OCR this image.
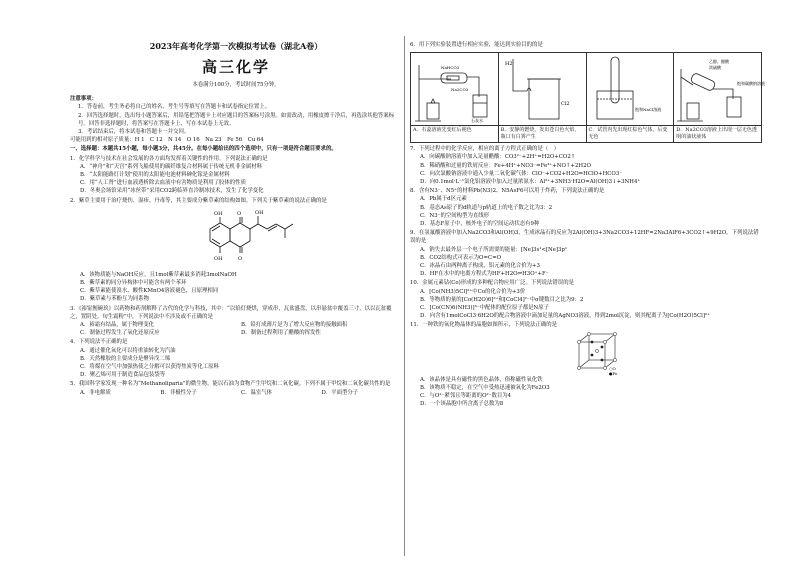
2023年高考化学第一次模拟考试卷（湖北A卷）

高三化学

本卷满分100分，考试时间75分钟。

注意事项：

1．答卷前，考生务必将自己的姓名、考生号等填写在答题卡和试卷指定位置上。

2．回答选择题时，选出每小题答案后，用铅笔把答题卡上对应题目的答案标号涂黑。如需改动，用橡皮擦干净后，再选涂其他答案标号。回答非选择题时，将答案写在答题卡上，写在本试卷上无效。

3．考试结束后，将本试卷和答题卡一并交回。

可能用到的相对原子质量：H 1　C 12　N 14　O 16　Na 23　Fe 56　Cu 64

一、选择题：本题共15小题，每小题3分，共45分。在每小题给出的四个选项中，只有一项是符合题目要求的。

1．化学科学与技术在社会发展的各方面均发挥着关键性的作用。下列说法正确的是

A．“神舟”和“天宫”系列飞船使用的碳纤维复合材料属于传统无机非金属材料

B．“太阳能路灯计划”使用的太阳能电池材料砷化镓是金属材料

C．用“人工肾”进行血液透析除去血液中有害物质是利用了胶体的性质

D．冬奥会场馆采用“冰丝带”采用CO2跨临界直冷制冰技术，发生了化学变化

2．紫草主要用于治疗烧伤、湿疹、丹毒等，其主要成分紫草素的结构如图。下列关于紫草素的说法正确的是

OH	O	OH
OH	O

A．该物质能与NaOH反应，且1mol紫草素最多消耗3molNaOH

B．紫草素的同分异构体中可能含有两个苯环

C．紫草素能使溴水、酸性KMnO4溶液褪色，且原理相同

D．紫草素与苯酚互为同系物

3．《裕甯劁碗玖》以药物和药剂解释了古代的化学与科技，其中：“以焰灯烧烘，穿成串，瓦盆盛盘，以串悬盆中覆盖三寸，以以瓦盆覆之，置阴处，旬生霜粉”中，下列说法中不涉及或不正确的是

A．裕霜有结晶，属于物理变化	B．铅打成薄片是为了增大反应物的接触面积
C．制备过程发生了氧化还原反应	D．制备过程利用了醋酸的挥发性

4．下列说法不正确的是

A．通过催化氧化可以将重油转化为汽油

B．天然橡胶的主要成分是聚异戊二烯

C．将煤在空气中加强热使之分解可以获得焦炭等化工原料

D．聚乙烯可用于制造食品包装袋等

5．我国科学家发现一种名为“Methanoliparia”的微生物，能以石油为食物产生甲烷和二氧化碳。下列不属于甲烷和二氧化碳共性的是

A．非电解质	B．非极性分子	C．温室气体	D．平面型分子

6．用下列实验装置进行相应实验，能达到实验目的的是

NaHCO3
Na2CO3
石灰水
A．石蕊溶液先变红后褪色
H2
Cl2
B．安静的燃烧，发出苍白色火焰，瓶口有白雾产生
饱和NaCl溶液
C．试管内先出现红棕色气体，后变无色
乙醇、醋酸
浓硫酸
饱和碳酸钠溶液
D．Na2CO3溶液上出现一层无色透明的油状液体

7．下列过程中的化学反应，相应的离子方程式正确的是（　）

A．向碳酸钠溶液中加入足量醋酸：CO3²⁻+2H⁺=H2O+CO2↑

B．稀硝酸和过量的铁屑反应：Fe+4H⁺+NO3⁻=Fe³⁺+NO↑+2H2O

C．向次氯酸钠溶液中通入少量二氧化碳气体：ClO⁻+CO2+H2O=HClO+HCO3⁻

D．向0.1mol·L⁻¹氯化铝溶液中加入过量浓氨水：Al³⁺+3NH3·H2O=Al(OH)3↓+3NH4⁺

8．含有N3⁻、N5⁺的材料Pb(N3)2、N5AsF6可以用于炸药，下列说法正确的是

A．Pb属于d区元素

B．基态As原子的d轨道与p轨道上的电子数之比为3：2

C．N3⁻的空间构型为直线形

D．基态F原子中，核外电子的空间运动状态有9种

9．在氢氟酸溶液中加入Na2CO3和Al(OH)3，生成冰晶石的反应为2Al(OH)3+3Na2CO3+12HF=2Na3AlF6+3CO2↑+9H2O。下列说法错误的是

A．钠失去最外层一个电子所需要的能量：[Ne]3s¹<[Ne]3p¹

B．CO2结构式可表示为O=C=O

C．冰晶石由两种离子构成，铝元素的化合价为+3

D．HF在水中的电离方程式为HF+H2O⇌H3O⁺+F⁻

10．金属元素钴(Co)形成的多种配合物应用广泛。下列说法错误的是

A．[Co(NH3)5Cl]²⁺中Co的化合价为+3价

B．等物质的量的[Co(H2O)6]²⁺和[CoCl4]²⁻中σ键数目之比为9：2

C．[Co(CN)6(NH3)]³⁻中配体的配位原子都是N原子

D．向含有1molCoCl3·6H2O的配合物溶液中滴加足量的AgNO3溶液，得到2mol沉淀，则其配离子为[Co(H2O)5Cl]²⁺

11．一种铁的氧化物晶体的晶胞如图所示，下列说法正确的是

○O
●Fe

A．该晶体是具有磁性的黑色晶体，俗称磁性氧化铁

B．该物质不稳定，在空气中受热迅速被氧化为Fe2O3

C．与O²⁻紧邻且等距离的O²⁻数目为4

D．一个该晶胞中所含离子总数为8
